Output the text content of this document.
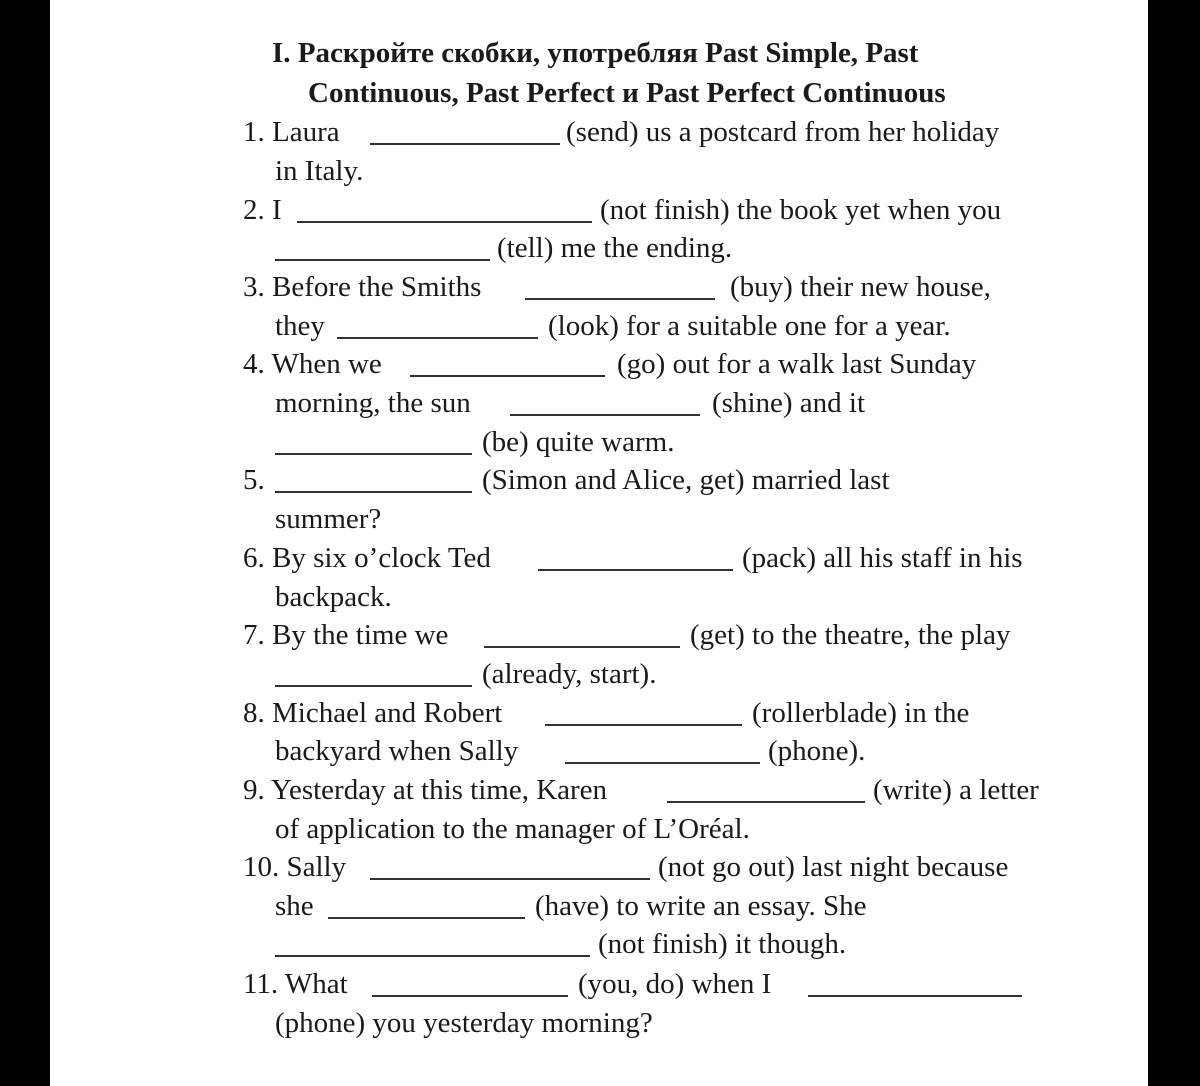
I. Раскройте скобки, употребляя Past Simple, Past
Continuous, Past Perfect и Past Perfect Continuous
1. Laura	(send) us a postcard from her holiday
in Italy.
2. I	(not finish) the book yet when you
(tell) me the ending.
3. Before the Smiths	(buy) their new house,
they	(look) for a suitable one for a year.
4. When we	(go) out for a walk last Sunday
morning, the sun	(shine) and it
(be) quite warm.
5.	(Simon and Alice, get) married last
summer?
6. By six o’clock Ted	(pack) all his staff in his
backpack.
7. By the time we	(get) to the theatre, the play
(already, start).
8. Michael and Robert	(rollerblade) in the
backyard when Sally	(phone).
9. Yesterday at this time, Karen	(write) a letter
of application to the manager of L’Oréal.
10. Sally	(not go out) last night because
she	(have) to write an essay. She
(not finish) it though.
11. What	(you, do) when I
(phone) you yesterday morning?
